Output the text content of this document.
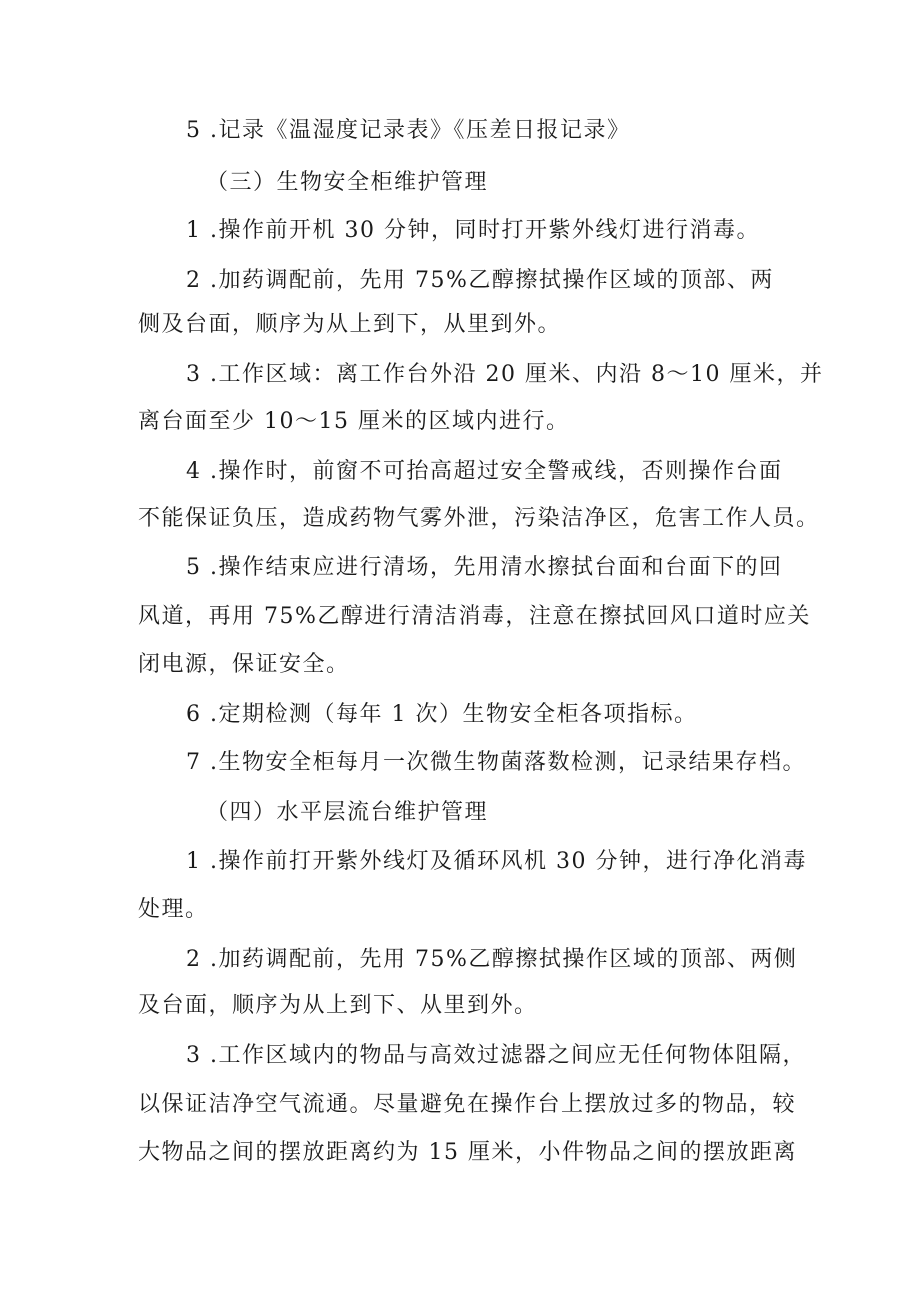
5 .记录《温湿度记录表》《压差日报记录》
（三）生物安全柜维护管理
1 .操作前开机 30 分钟，同时打开紫外线灯进行消毒。
2 .加药调配前，先用 75%乙醇擦拭操作区域的顶部、两
侧及台面，顺序为从上到下，从里到外。
3 .工作区域：离工作台外沿 20 厘米、内沿 8～10 厘米，并
离台面至少 10～15 厘米的区域内进行。
4 .操作时，前窗不可抬高超过安全警戒线，否则操作台面
不能保证负压，造成药物气雾外泄，污染洁净区，危害工作人员。
5 .操作结束应进行清场，先用清水擦拭台面和台面下的回
风道，再用 75%乙醇进行清洁消毒，注意在擦拭回风口道时应关
闭电源，保证安全。
6 .定期检测（每年 1 次）生物安全柜各项指标。
7 .生物安全柜每月一次微生物菌落数检测，记录结果存档。
（四）水平层流台维护管理
1 .操作前打开紫外线灯及循环风机 30 分钟，进行净化消毒
处理。
2 .加药调配前，先用 75%乙醇擦拭操作区域的顶部、两侧
及台面，顺序为从上到下、从里到外。
3 .工作区域内的物品与高效过滤器之间应无任何物体阻隔，
以保证洁净空气流通。尽量避免在操作台上摆放过多的物品，较
大物品之间的摆放距离约为 15 厘米，小件物品之间的摆放距离
